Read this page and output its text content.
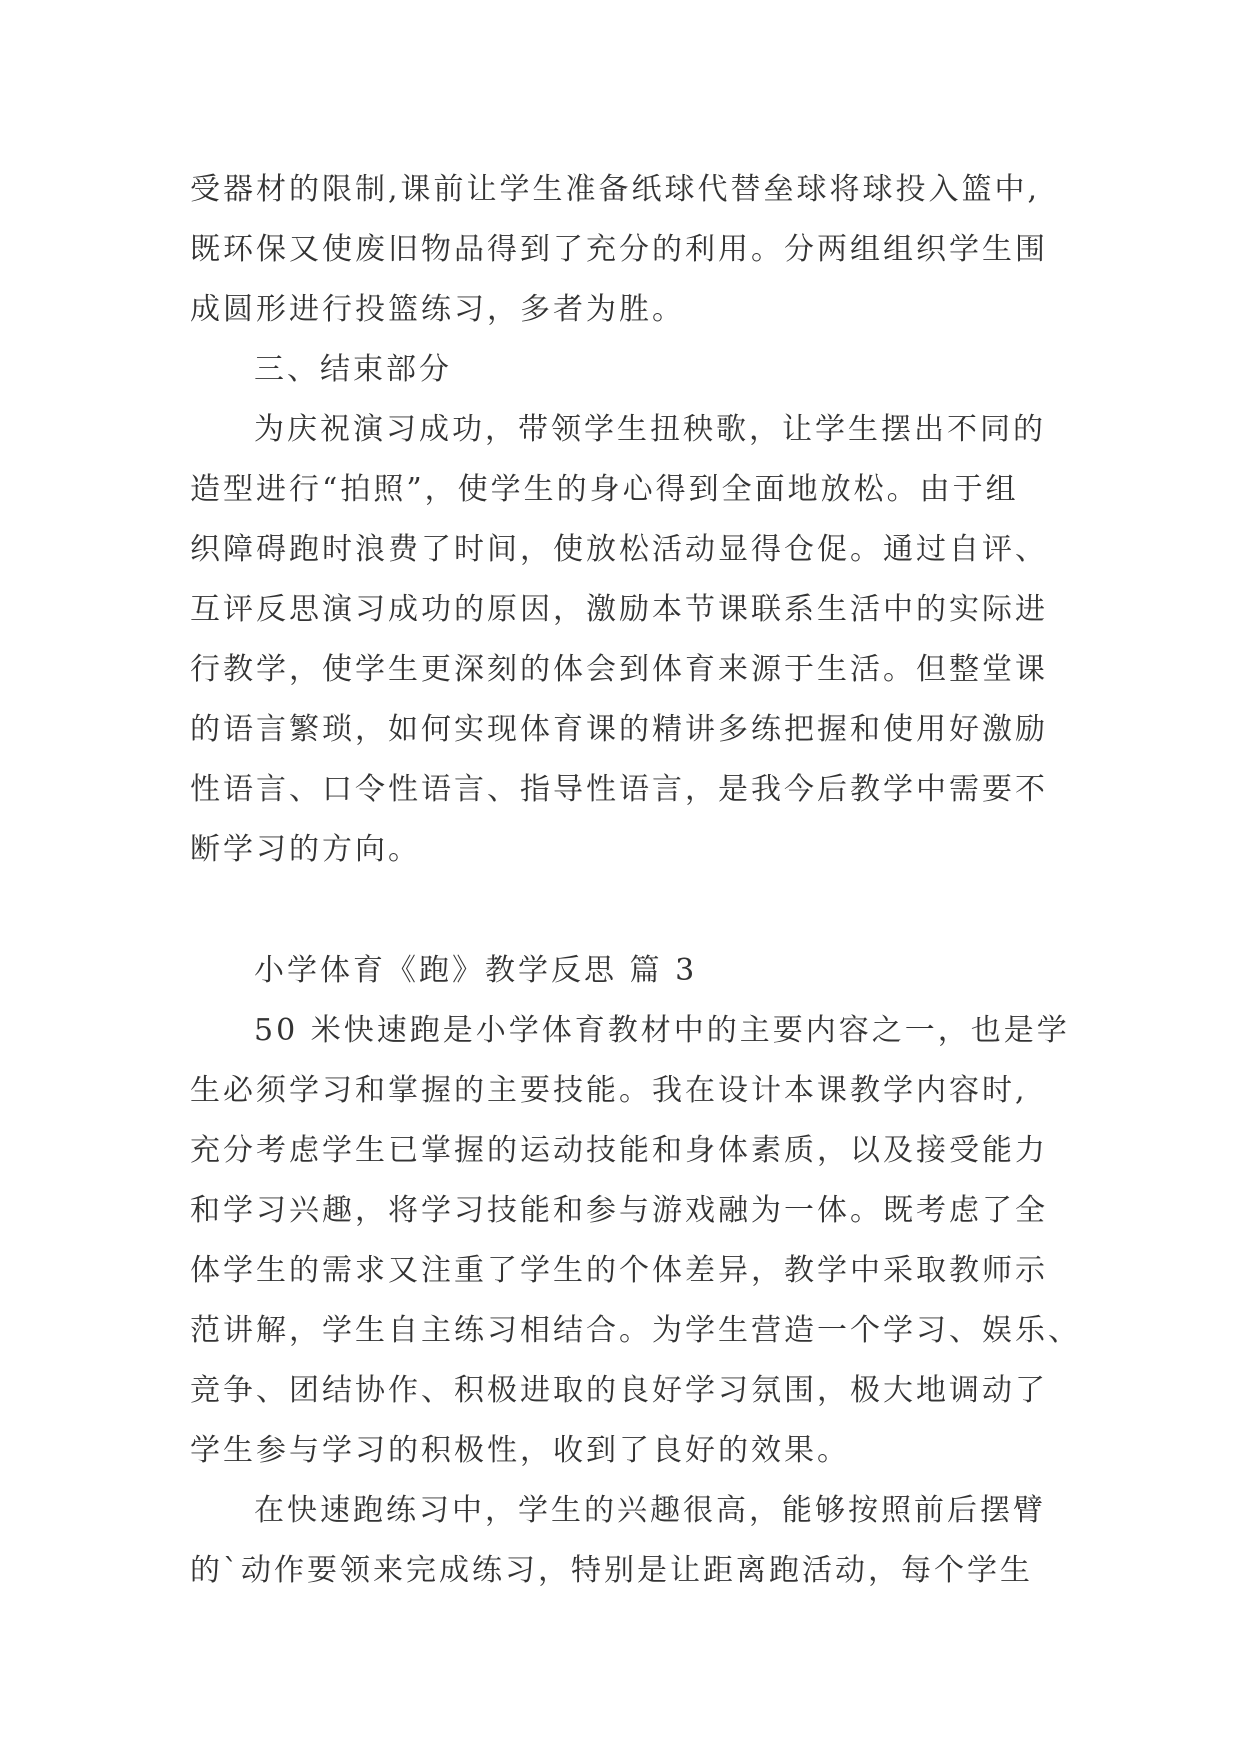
受器材的限制,课前让学生准备纸球代替垒球将球投入篮中,
既环保又使废旧物品得到了充分的利用。分两组组织学生围
成圆形进行投篮练习，多者为胜。
三、结束部分
为庆祝演习成功，带领学生扭秧歌，让学生摆出不同的
造型进行“拍照”，使学生的身心得到全面地放松。由于组
织障碍跑时浪费了时间，使放松活动显得仓促。通过自评、
互评反思演习成功的原因，激励本节课联系生活中的实际进
行教学，使学生更深刻的体会到体育来源于生活。但整堂课
的语言繁琐，如何实现体育课的精讲多练把握和使用好激励
性语言、口令性语言、指导性语言，是我今后教学中需要不
断学习的方向。
小学体育《跑》教学反思 篇 3
50 米快速跑是小学体育教材中的主要内容之一，也是学
生必须学习和掌握的主要技能。我在设计本课教学内容时,
充分考虑学生已掌握的运动技能和身体素质，以及接受能力
和学习兴趣，将学习技能和参与游戏融为一体。既考虑了全
体学生的需求又注重了学生的个体差异，教学中采取教师示
范讲解，学生自主练习相结合。为学生营造一个学习、娱乐、
竞争、团结协作、积极进取的良好学习氛围，极大地调动了
学生参与学习的积极性，收到了良好的效果。
在快速跑练习中，学生的兴趣很高，能够按照前后摆臂
的`动作要领来完成练习，特别是让距离跑活动，每个学生
